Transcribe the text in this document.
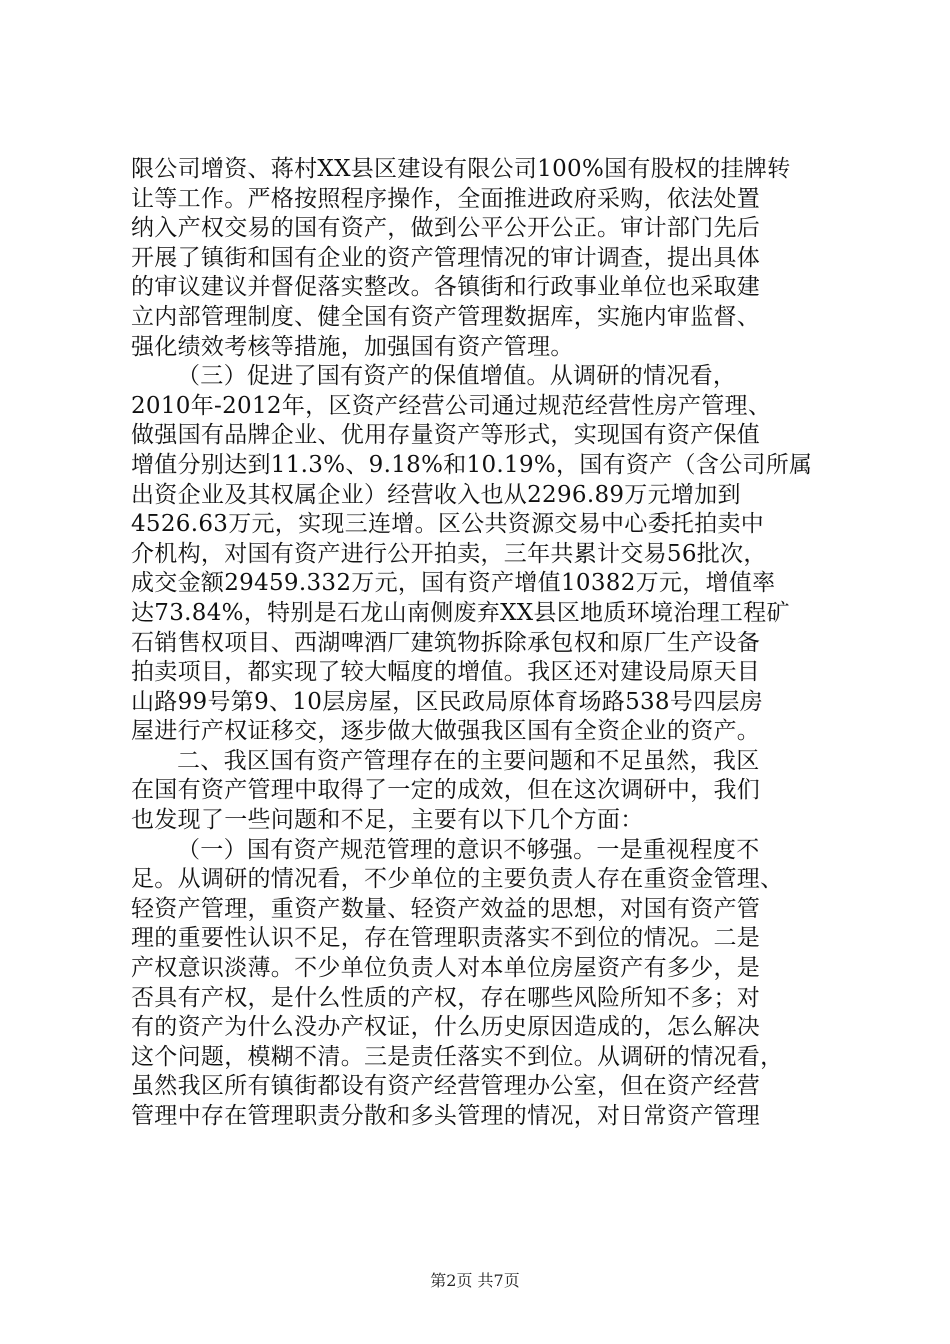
限公司增资、蒋村XX县区建设有限公司100%国有股权的挂牌转
让等工作。严格按照程序操作，全面推进政府采购，依法处置
纳入产权交易的国有资产，做到公平公开公正。审计部门先后
开展了镇街和国有企业的资产管理情况的审计调查，提出具体
的审议建议并督促落实整改。各镇街和行政事业单位也采取建
立内部管理制度、健全国有资产管理数据库，实施内审监督、
强化绩效考核等措施，加强国有资产管理。
（三）促进了国有资产的保值增值。从调研的情况看，
2010年-2012年，区资产经营公司通过规范经营性房产管理、
做强国有品牌企业、优用存量资产等形式，实现国有资产保值
增值分别达到11.3%、9.18%和10.19%，国有资产（含公司所属
出资企业及其权属企业）经营收入也从2296.89万元增加到
4526.63万元，实现三连增。区公共资源交易中心委托拍卖中
介机构，对国有资产进行公开拍卖，三年共累计交易56批次，
成交金额29459.332万元，国有资产增值10382万元，增值率
达73.84%，特别是石龙山南侧废弃XX县区地质环境治理工程矿
石销售权项目、西湖啤酒厂建筑物拆除承包权和原厂生产设备
拍卖项目，都实现了较大幅度的增值。我区还对建设局原天目
山路99号第9、10层房屋，区民政局原体育场路538号四层房
屋进行产权证移交，逐步做大做强我区国有全资企业的资产。
二、我区国有资产管理存在的主要问题和不足虽然，我区
在国有资产管理中取得了一定的成效，但在这次调研中，我们
也发现了一些问题和不足，主要有以下几个方面：
（一）国有资产规范管理的意识不够强。一是重视程度不
足。从调研的情况看，不少单位的主要负责人存在重资金管理、
轻资产管理，重资产数量、轻资产效益的思想，对国有资产管
理的重要性认识不足，存在管理职责落实不到位的情况。二是
产权意识淡薄。不少单位负责人对本单位房屋资产有多少，是
否具有产权，是什么性质的产权，存在哪些风险所知不多；对
有的资产为什么没办产权证，什么历史原因造成的，怎么解决
这个问题，模糊不清。三是责任落实不到位。从调研的情况看，
虽然我区所有镇街都设有资产经营管理办公室，但在资产经营
管理中存在管理职责分散和多头管理的情况，对日常资产管理
第2页 共7页
